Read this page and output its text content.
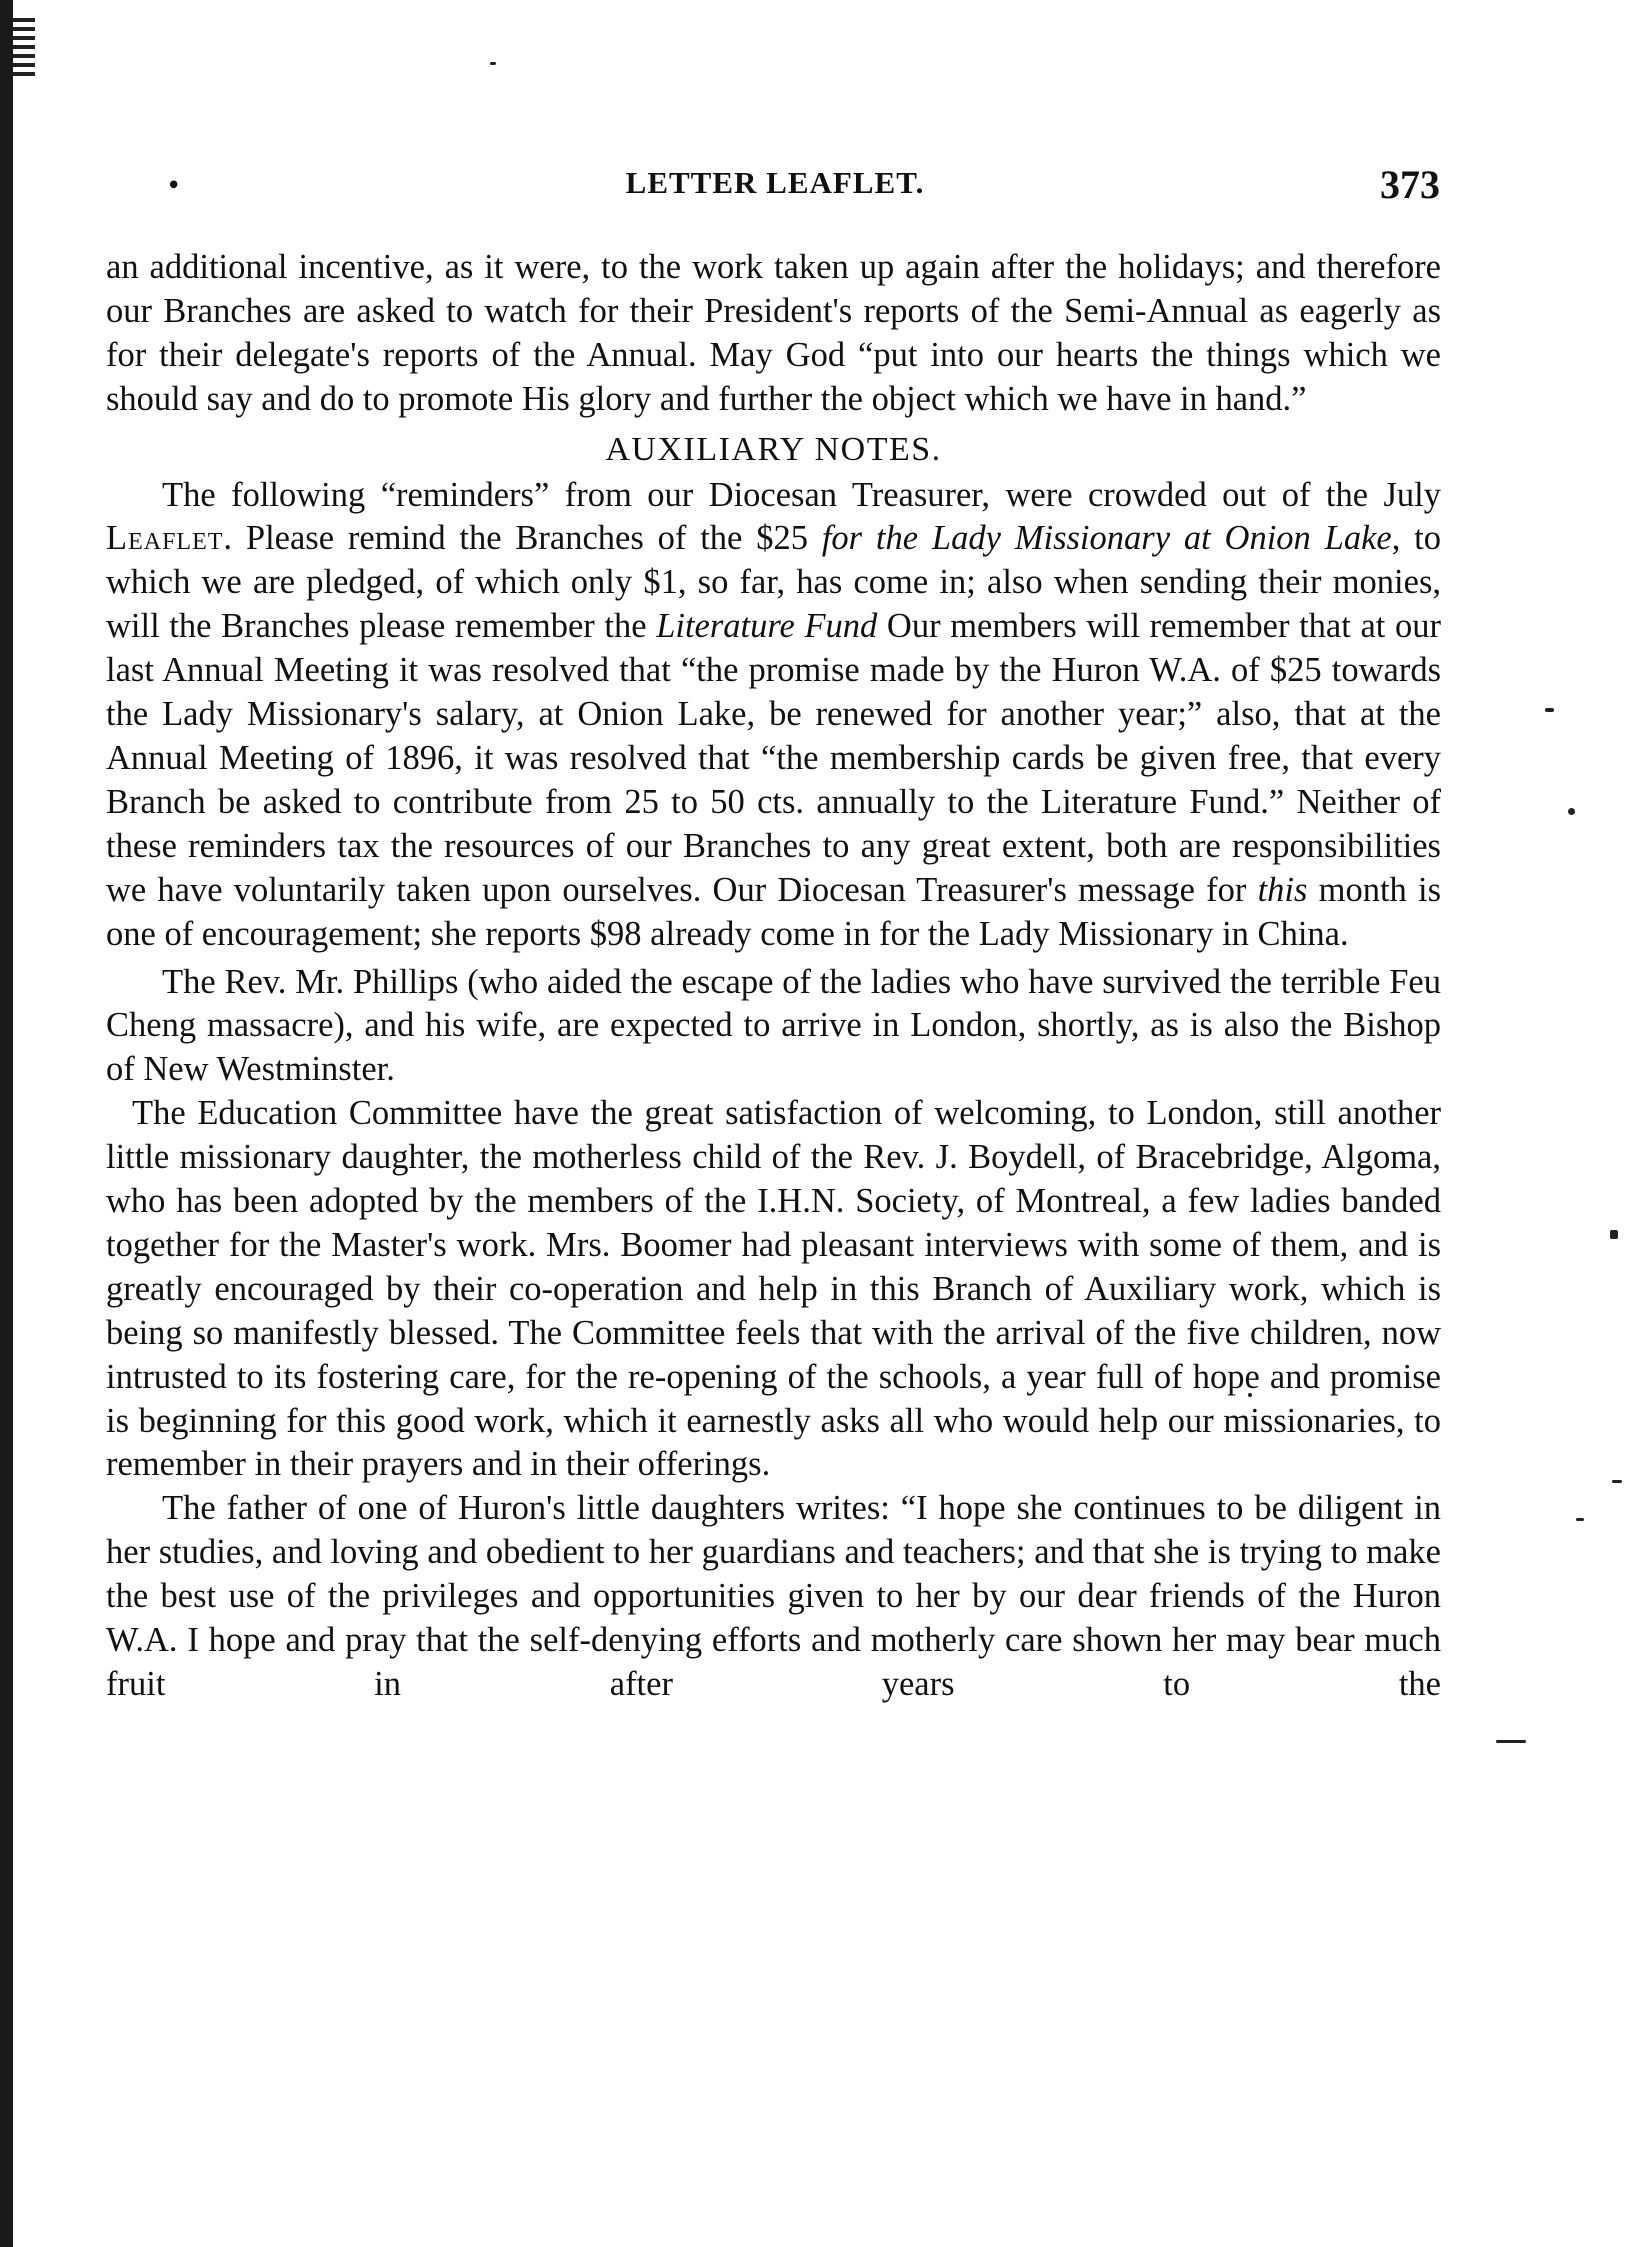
•	LETTER LEAFLET.	373

an additional incentive, as it were, to the work taken up again after the holidays; and therefore our Branches are asked to watch for their President's reports of the Semi-Annual as eagerly as for their delegate's reports of the Annual. May God “put into our hearts the things which we should say and do to promote His glory and further the object which we have in hand.”

AUXILIARY NOTES.

The following “reminders” from our Diocesan Treasurer, were crowded out of the July Leaflet. Please remind the Branches of the $25 for the Lady Missionary at Onion Lake, to which we are pledged, of which only $1, so far, has come in; also when sending their monies, will the Branches please remember the Literature Fund Our members will remember that at our last Annual Meeting it was resolved that “the promise made by the Huron W.A. of $25 towards the Lady Missionary's salary, at Onion Lake, be renewed for another year;” also, that at the Annual Meeting of 1896, it was resolved that “the membership cards be given free, that every Branch be asked to contribute from 25 to 50 cts. annually to the Literature Fund.” Neither of these reminders tax the resources of our Branches to any great extent, both are responsibilities we have voluntarily taken upon ourselves. Our Diocesan Treasurer's message for this month is one of encouragement; she reports $98 already come in for the Lady Missionary in China.

The Rev. Mr. Phillips (who aided the escape of the ladies who have survived the terrible Feu Cheng massacre), and his wife, are expected to arrive in London, shortly, as is also the Bishop of New Westminster.

The Education Committee have the great satisfaction of welcoming, to London, still another little missionary daughter, the motherless child of the Rev. J. Boydell, of Bracebridge, Algoma, who has been adopted by the members of the I.H.N. Society, of Montreal, a few ladies banded together for the Master's work. Mrs. Boomer had pleasant interviews with some of them, and is greatly encouraged by their co-operation and help in this Branch of Auxiliary work, which is being so manifestly blessed. The Committee feels that with the arrival of the five children, now intrusted to its fostering care, for the re-opening of the schools, a year full of hope and promise is beginning for this good work, which it earnestly asks all who would help our missionaries, to remember in their prayers and in their offerings.

The father of one of Huron's little daughters writes: “I hope she continues to be diligent in her studies, and loving and obedient to her guardians and teachers; and that she is trying to make the best use of the privileges and opportunities given to her by our dear friends of the Huron W.A. I hope and pray that the self-denying efforts and motherly care shown her may bear much fruit in after years to the
